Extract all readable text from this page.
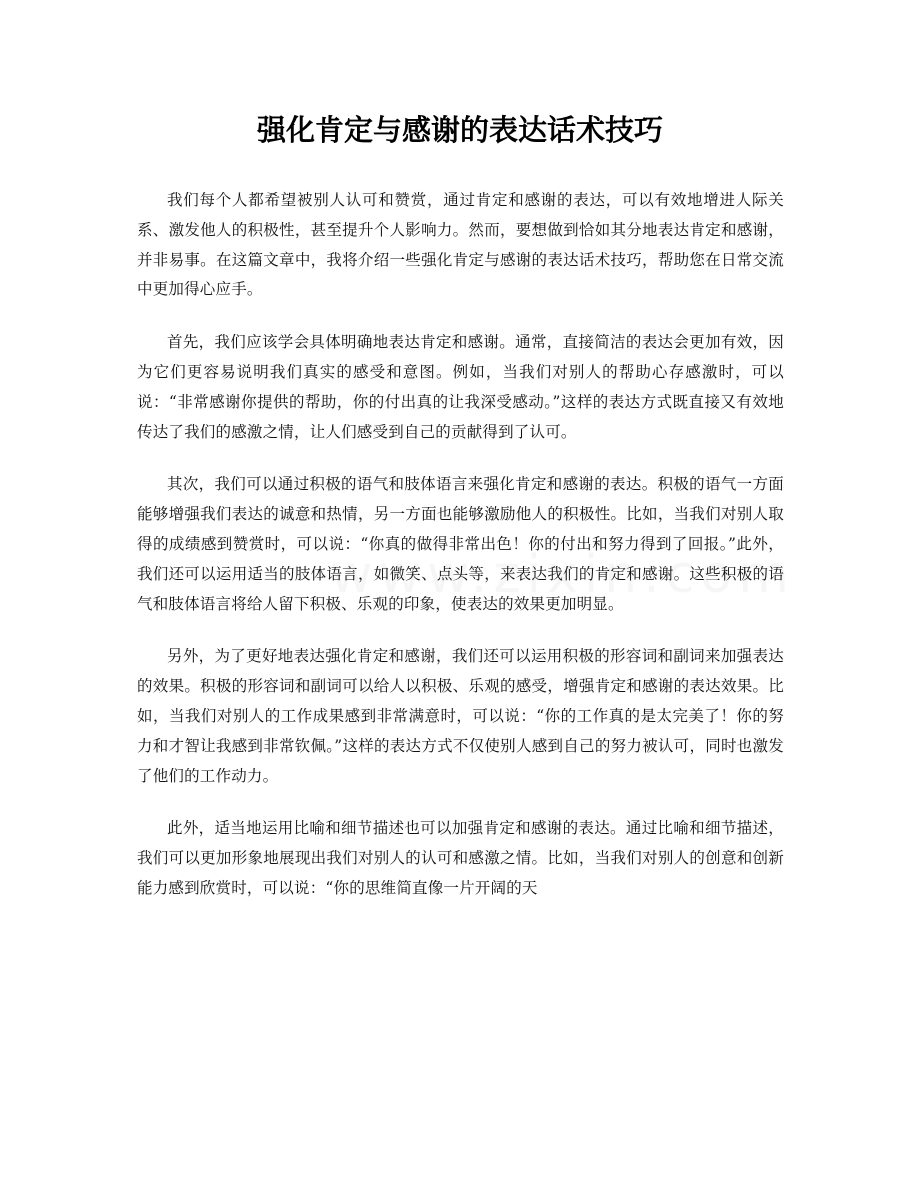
强化肯定与感谢的表达话术技巧

我们每个人都希望被别人认可和赞赏，通过肯定和感谢的表达，可以有效地增进人际关系、激发他人的积极性，甚至提升个人影响力。然而，要想做到恰如其分地表达肯定和感谢，并非易事。在这篇文章中，我将介绍一些强化肯定与感谢的表达话术技巧，帮助您在日常交流中更加得心应手。

首先，我们应该学会具体明确地表达肯定和感谢。通常，直接简洁的表达会更加有效，因为它们更容易说明我们真实的感受和意图。例如，当我们对别人的帮助心存感激时，可以说：“非常感谢你提供的帮助，你的付出真的让我深受感动。”这样的表达方式既直接又有效地传达了我们的感激之情，让人们感受到自己的贡献得到了认可。

其次，我们可以通过积极的语气和肢体语言来强化肯定和感谢的表达。积极的语气一方面能够增强我们表达的诚意和热情，另一方面也能够激励他人的积极性。比如，当我们对别人取得的成绩感到赞赏时，可以说：“你真的做得非常出色！你的付出和努力得到了回报。”此外，我们还可以运用适当的肢体语言，如微笑、点头等，来表达我们的肯定和感谢。这些积极的语气和肢体语言将给人留下积极、乐观的印象，使表达的效果更加明显。

另外，为了更好地表达强化肯定和感谢，我们还可以运用积极的形容词和副词来加强表达的效果。积极的形容词和副词可以给人以积极、乐观的感受，增强肯定和感谢的表达效果。比如，当我们对别人的工作成果感到非常满意时，可以说：“你的工作真的是太完美了！你的努力和才智让我感到非常钦佩。”这样的表达方式不仅使别人感到自己的努力被认可，同时也激发了他们的工作动力。

此外，适当地运用比喻和细节描述也可以加强肯定和感谢的表达。通过比喻和细节描述，我们可以更加形象地展现出我们对别人的认可和感激之情。比如，当我们对别人的创意和创新能力感到欣赏时，可以说：“你的思维简直像一片开阔的天
